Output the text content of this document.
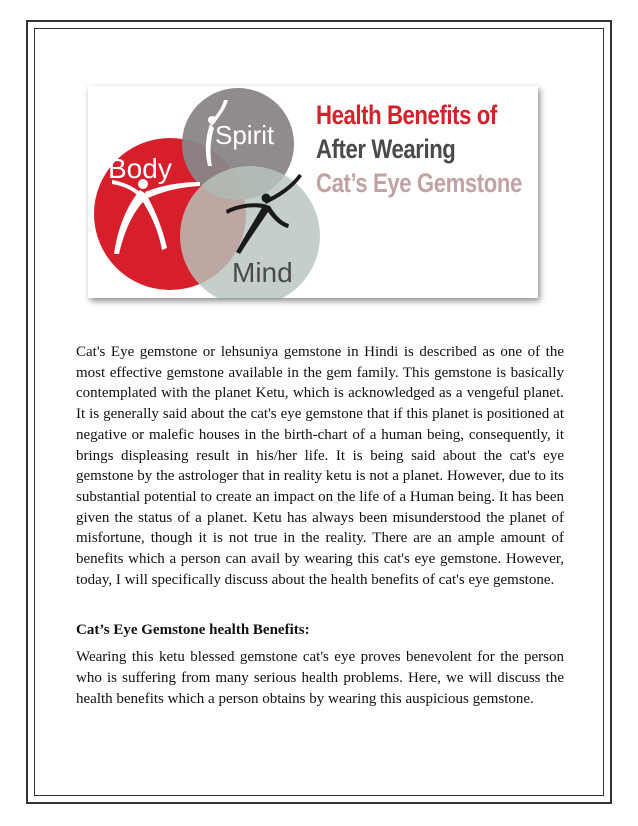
Body
Spirit
Mind
Health Benefits of
After Wearing
Cat’s Eye Gemstone

Cat's Eye gemstone or lehsuniya gemstone in Hindi is described as one of the most effective gemstone available in the gem family. This gemstone is basically contemplated with the planet Ketu, which is acknowledged as a vengeful planet. It is generally said about the cat's eye gemstone that if this planet is positioned at negative or malefic houses in the birth-chart of a human being, consequently, it brings displeasing result in his/her life. It is being said about the cat's eye gemstone by the astrologer that in reality ketu is not a planet. However, due to its substantial potential to create an impact on the life of a Human being. It has been given the status of a planet. Ketu has always been misunderstood the planet of misfortune, though it is not true in the reality. There are an ample amount of benefits which a person can avail by wearing this cat's eye gemstone. However, today, I will specifically discuss about the health benefits of cat's eye gemstone.

Cat’s Eye Gemstone health Benefits:

Wearing this ketu blessed gemstone cat's eye proves benevolent for the person who is suffering from many serious health problems. Here, we will discuss the health benefits which a person obtains by wearing this auspicious gemstone.
